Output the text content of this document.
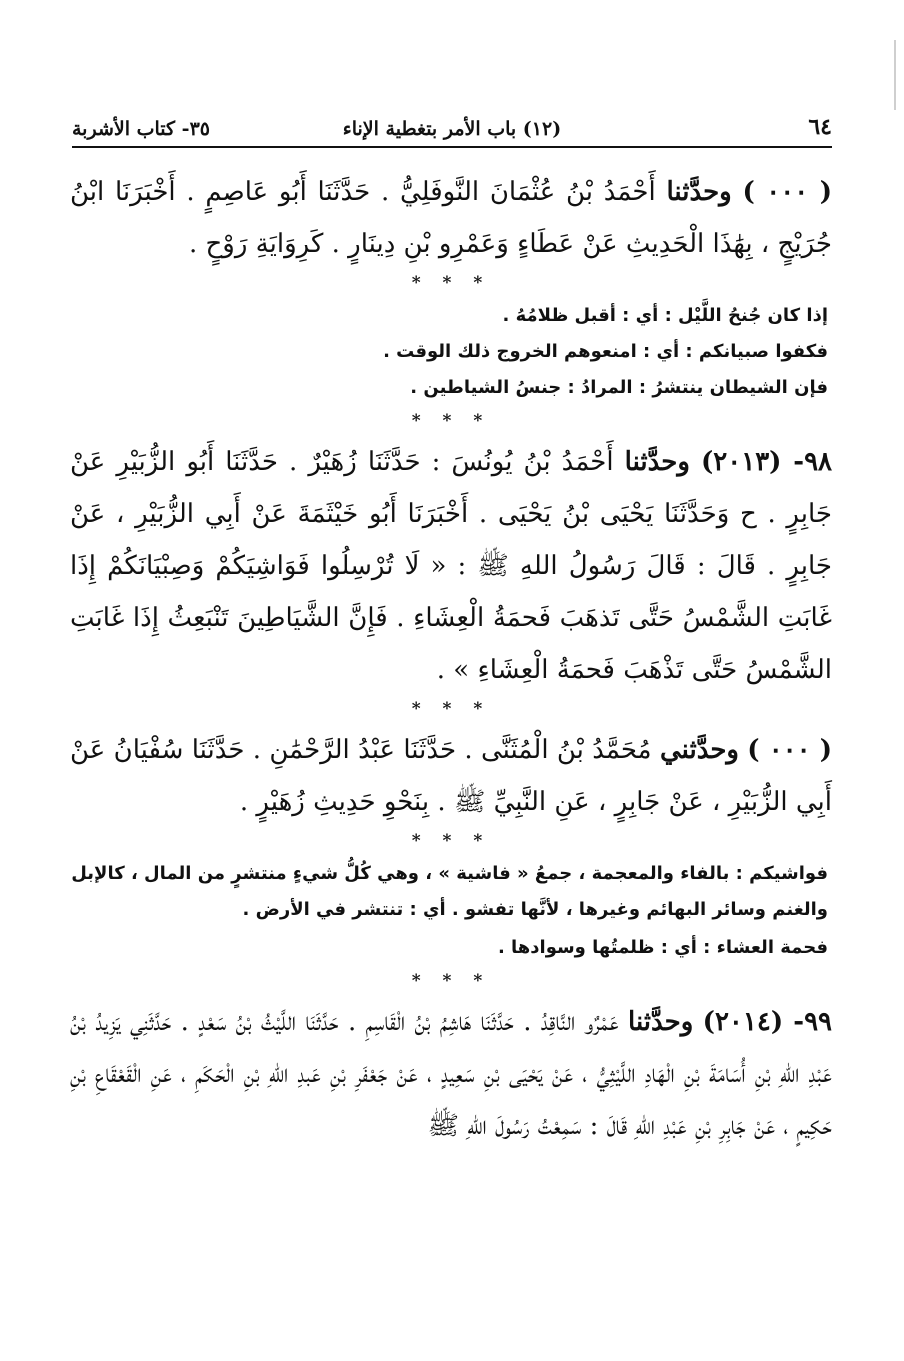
٦٤
(١٢) باب الأمر بتغطية الإناء
٣٥- كتاب الأشربة

( ٠٠٠ ) وحدَّثنا أَحْمَدُ بْنُ عُثْمَانَ النَّوفَلِيُّ . حَدَّثَنَا أَبُو عَاصِمٍ . أَخْبَرَنَا ابْنُ جُرَيْجٍ ، بِهَٰذَا الْحَدِيثِ عَنْ عَطَاءٍ وَعَمْرِو بْنِ دِينَارٍ . كَرِوَايَةِ رَوْحٍ .

* * *

إذا كان جُنحُ اللَّيْل : أي : أقبل ظلامُهُ .

فكفوا صبيانكم : أي : امنعوهم الخروج ذلك الوقت .

فإن الشيطان ينتشرُ : المرادُ : جنسُ الشياطين .

* * *

٩٨- (٢٠١٣) وحدَّثنا أَحْمَدُ بْنُ يُونُسَ : حَدَّثَنَا زُهَيْرٌ . حَدَّثَنَا أَبُو الزُّبَيْرِ عَنْ جَابِرٍ . ح وَحَدَّثَنَا يَحْيَى بْنُ يَحْيَى . أَخْبَرَنَا أَبُو خَيْثَمَةَ عَنْ أَبِي الزُّبَيْرِ ، عَنْ جَابِرٍ . قَالَ : قَالَ رَسُولُ اللهِ ﷺ : « لَا تُرْسِلُوا فَوَاشِيَكُمْ وَصِبْيَانَكُمْ إِذَا غَابَتِ الشَّمْسُ حَتَّى تَذهَبَ فَحمَةُ الْعِشَاءِ . فَإِنَّ الشَّيَاطِينَ تَنْبَعِثُ إِذَا غَابَتِ الشَّمْسُ حَتَّى تَذْهَبَ فَحمَةُ الْعِشَاءِ » .

* * *

( ٠٠٠ ) وحدَّثني مُحَمَّدُ بْنُ الْمُثَنَّى . حَدَّثَنَا عَبْدُ الرَّحْمَٰنِ . حَدَّثَنَا سُفْيَانُ عَنْ أَبِي الزُّبَيْرِ ، عَنْ جَابِرٍ ، عَنِ النَّبِيِّ ﷺ . بِنَحْوِ حَدِيثِ زُهَيْرٍ .

* * *

فواشيكم : بالفاء والمعجمة ، جمعُ « فاشية » ، وهي كُلُّ شيءٍ منتشرٍ من المال ، كالإبل والغنم وسائر البهائم وغيرها ، لأنَّها تفشو . أي : تنتشر في الأرض .

فحمة العشاء : أي : ظلمتُها وسوادها .

* * *

٩٩- (٢٠١٤) وحدَّثنا عَمْرٌو النَّاقِدُ . حَدَّثَنَا هَاشِمُ بْنُ الْقَاسِمِ . حَدَّثَنَا اللَّيْثُ بْنُ سَعْدٍ . حَدَّثَنِي يَزِيدُ بْنُ عَبْدِ اللهِ بْنِ أُسَامَةَ بْنِ الْهَادِ اللَّيْثِيُّ ، عَنْ يَحْيَى بْنِ سَعِيدٍ ، عَنْ جَعْفَرِ بْنِ عَبدِ اللهِ بْنِ الْحَكَمِ ، عَنِ الْقَعْقَاعِ بْنِ حَكِيمٍ ، عَنْ جَابِرِ بْنِ عَبْدِ اللهِ قَالَ : سَمِعْتُ رَسُولَ اللهِ ﷺ
